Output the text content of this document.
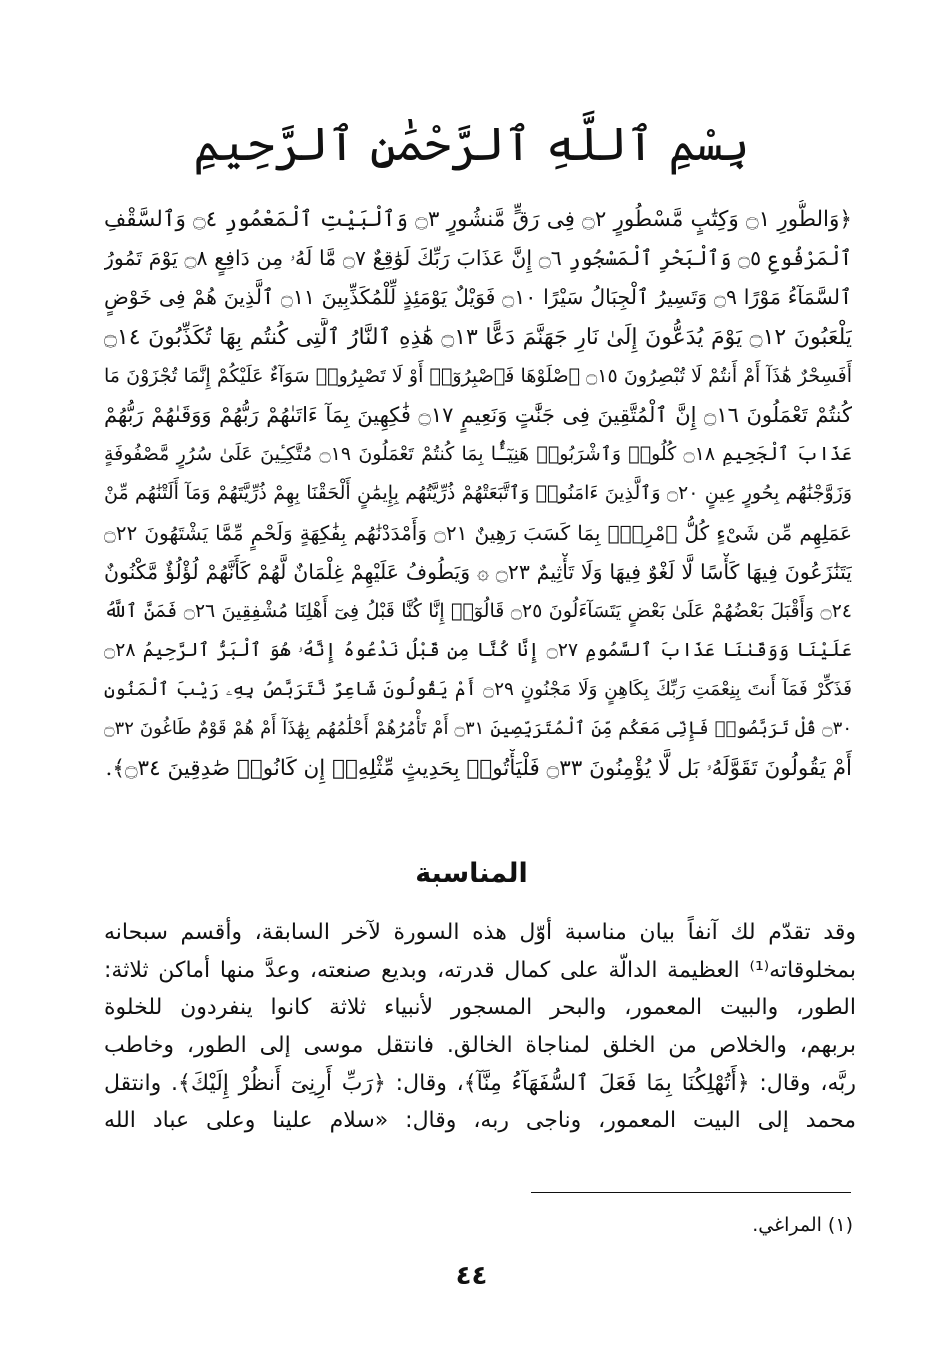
بِسْمِ ٱللَّهِ ٱلرَّحْمَٰنِ ٱلرَّحِيمِ
﴿وَالطُّورِ ۝١ وَكِتَٰبٍ مَّسْطُورٍ ۝٢ فِى رَقٍّ مَّنشُورٍ ۝٣ وَٱلْبَيْتِ ٱلْمَعْمُورِ ۝٤ وَٱلسَّقْفِ
ٱلْمَرْفُوعِ ۝٥ وَٱلْبَحْرِ ٱلْمَسْجُورِ ۝٦ إِنَّ عَذَابَ رَبِّكَ لَوَٰقِعٌ ۝٧ مَّا لَهُۥ مِن دَافِعٍ ۝٨ يَوْمَ تَمُورُ
ٱلسَّمَآءُ مَوْرًا ۝٩ وَتَسِيرُ ٱلْجِبَالُ سَيْرًا ۝١٠ فَوَيْلٌ يَوْمَئِذٍ لِّلْمُكَذِّبِينَ ۝١١ ٱلَّذِينَ هُمْ فِى خَوْضٍ
يَلْعَبُونَ ۝١٢ يَوْمَ يُدَعُّونَ إِلَىٰ نَارِ جَهَنَّمَ دَعًّا ۝١٣ هَٰذِهِ ٱلنَّارُ ٱلَّتِى كُنتُم بِهَا تُكَذِّبُونَ ۝١٤
أَفَسِحْرٌ هَٰذَآ أَمْ أَنتُمْ لَا تُبْصِرُونَ ۝١٥ ٱصْلَوْهَا فَٱصْبِرُوٓا۟ أَوْ لَا تَصْبِرُوا۟ سَوَآءٌ عَلَيْكُمْ إِنَّمَا تُجْزَوْنَ مَا
كُنتُمْ تَعْمَلُونَ ۝١٦ إِنَّ ٱلْمُتَّقِينَ فِى جَنَّٰتٍ وَنَعِيمٍ ۝١٧ فَٰكِهِينَ بِمَآ ءَاتَىٰهُمْ رَبُّهُمْ وَوَقَىٰهُمْ رَبُّهُمْ
عَذَابَ ٱلْجَحِيمِ ۝١٨ كُلُوا۟ وَٱشْرَبُوا۟ هَنِيٓـًٔۢا بِمَا كُنتُمْ تَعْمَلُونَ ۝١٩ مُتَّكِـِٔينَ عَلَىٰ سُرُرٍ مَّصْفُوفَةٍ
وَزَوَّجْنَٰهُم بِحُورٍ عِينٍ ۝٢٠ وَٱلَّذِينَ ءَامَنُوا۟ وَٱتَّبَعَتْهُمْ ذُرِّيَّتُهُم بِإِيمَٰنٍ أَلْحَقْنَا بِهِمْ ذُرِّيَّتَهُمْ وَمَآ أَلَتْنَٰهُم مِّنْ
عَمَلِهِم مِّن شَىْءٍ كُلُّ ٱمْرِئٍۭ بِمَا كَسَبَ رَهِينٌ ۝٢١ وَأَمْدَدْنَٰهُم بِفَٰكِهَةٍ وَلَحْمٍ مِّمَّا يَشْتَهُونَ ۝٢٢
يَتَنَٰزَعُونَ فِيهَا كَأْسًا لَّا لَغْوٌ فِيهَا وَلَا تَأْثِيمٌ ۝٢٣ ۞ وَيَطُوفُ عَلَيْهِمْ غِلْمَانٌ لَّهُمْ كَأَنَّهُمْ لُؤْلُؤٌ مَّكْنُونٌ
۝٢٤ وَأَقْبَلَ بَعْضُهُمْ عَلَىٰ بَعْضٍ يَتَسَآءَلُونَ ۝٢٥ قَالُوٓا۟ إِنَّا كُنَّا قَبْلُ فِىٓ أَهْلِنَا مُشْفِقِينَ ۝٢٦ فَمَنَّ ٱللَّهُ
عَلَيْنَا وَوَقَىٰنَا عَذَابَ ٱلسَّمُومِ ۝٢٧ إِنَّا كُنَّا مِن قَبْلُ نَدْعُوهُ إِنَّهُۥ هُوَ ٱلْبَرُّ ٱلرَّحِيمُ ۝٢٨
فَذَكِّرْ فَمَآ أَنتَ بِنِعْمَتِ رَبِّكَ بِكَاهِنٍ وَلَا مَجْنُونٍ ۝٢٩ أَمْ يَقُولُونَ شَاعِرٌ نَّتَرَبَّصُ بِهِۦ رَيْبَ ٱلْمَنُونِ
۝٣٠ قُلْ تَرَبَّصُوا۟ فَإِنِّى مَعَكُم مِّنَ ٱلْمُتَرَبِّصِينَ ۝٣١ أَمْ تَأْمُرُهُمْ أَحْلَٰمُهُم بِهَٰذَآ أَمْ هُمْ قَوْمٌ طَاغُونَ ۝٣٢
أَمْ يَقُولُونَ تَقَوَّلَهُۥ بَل لَّا يُؤْمِنُونَ ۝٣٣ فَلْيَأْتُوا۟ بِحَدِيثٍ مِّثْلِهِۦٓ إِن كَانُوا۟ صَٰدِقِينَ ۝٣٤﴾.
المناسبة
وقد تقدّم لك آنفاً بيان مناسبة أوّل هذه السورة لآخر السابقة، وأقسم سبحانه
بمخلوقاته⁽¹⁾ العظيمة الدالّة على كمال قدرته، وبديع صنعته، وعدَّ منها أماكن ثلاثة:
الطور، والبيت المعمور، والبحر المسجور لأنبياء ثلاثة كانوا ينفردون للخلوة
بربهم، والخلاص من الخلق لمناجاة الخالق. فانتقل موسى إلى الطور، وخاطب
ربَّه، وقال: ﴿أَتُهْلِكُنَا بِمَا فَعَلَ ٱلسُّفَهَآءُ مِنَّآ﴾، وقال: ﴿رَبِّ أَرِنِىٓ أَنظُرْ إِلَيْكَ﴾. وانتقل
محمد إلى البيت المعمور، وناجى ربه، وقال: «سلام علينا وعلى عباد الله
(١) المراغي.
٤٤
